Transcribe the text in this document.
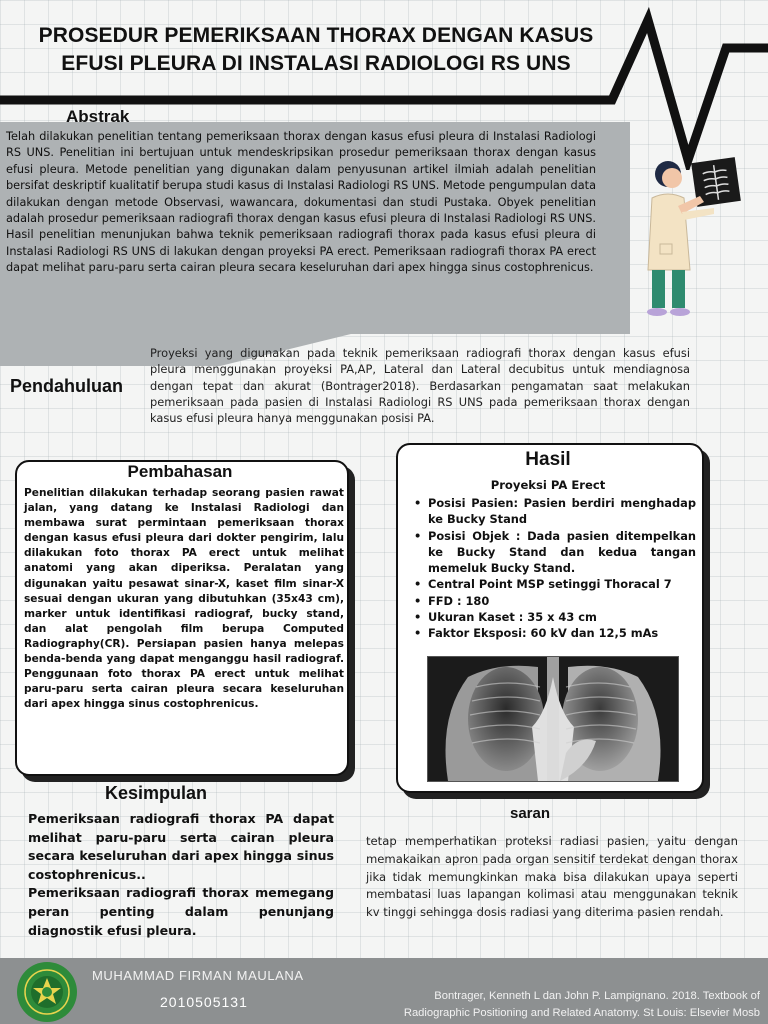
PROSEDUR PEMERIKSAAN THORAX DENGAN KASUS
EFUSI PLEURA DI INSTALASI RADIOLOGI RS UNS
Abstrak
Telah dilakukan penelitian tentang pemeriksaan thorax dengan kasus efusi pleura di Instalasi Radiologi RS UNS. Penelitian ini bertujuan untuk mendeskripsikan prosedur pemeriksaan thorax dengan kasus efusi pleura. Metode penelitian yang digunakan dalam penyusunan artikel ilmiah adalah penelitian bersifat deskriptif kualitatif berupa studi kasus di Instalasi Radiologi RS UNS. Metode pengumpulan data dilakukan dengan metode Observasi, wawancara, dokumentasi dan studi Pustaka. Obyek penelitian adalah prosedur pemeriksaan radiografi thorax dengan kasus efusi pleura di Instalasi Radiologi RS UNS. Hasil penelitian menunjukan bahwa teknik pemeriksaan radiografi thorax pada kasus efusi pleura di Instalasi Radiologi RS UNS di lakukan dengan proyeksi PA erect. Pemeriksaan radiografi thorax PA erect dapat melihat paru-paru serta cairan pleura secara keseluruhan dari apex hingga sinus costophrenicus.
Pendahuluan
Proyeksi yang digunakan pada teknik pemeriksaan radiografi thorax dengan kasus efusi pleura menggunakan proyeksi PA,AP, Lateral dan Lateral decubitus untuk mendiagnosa dengan tepat dan akurat (Bontrager2018). Berdasarkan pengamatan saat melakukan pemeriksaan pada pasien di Instalasi Radiologi RS UNS pada pemeriksaan thorax dengan kasus efusi pleura hanya menggunakan posisi PA.
Pembahasan
Penelitian dilakukan terhadap seorang pasien rawat jalan, yang datang ke Instalasi Radiologi dan membawa surat permintaan pemeriksaan thorax dengan kasus efusi pleura dari dokter pengirim, lalu dilakukan foto thorax PA erect untuk melihat anatomi yang akan diperiksa. Peralatan yang digunakan yaitu pesawat sinar-X, kaset film sinar-X sesuai dengan ukuran yang dibutuhkan (35x43 cm), marker untuk identifikasi radiograf, bucky stand, dan alat pengolah film berupa Computed Radiography(CR). Persiapan pasien hanya melepas benda-benda yang dapat menganggu hasil radiograf. Penggunaan foto thorax PA erect untuk melihat paru-paru serta cairan pleura secara keseluruhan dari apex hingga sinus costophrenicus.
Hasil
Proyeksi PA Erect
• Posisi Pasien: Pasien berdiri menghadap ke Bucky Stand
• Posisi Objek : Dada pasien ditempelkan ke Bucky Stand dan kedua tangan memeluk Bucky Stand.
• Central Point MSP setinggi Thoracal 7
• FFD : 180
• Ukuran Kaset : 35 x 43 cm
• Faktor Eksposi: 60 kV dan 12,5 mAs
Kesimpulan
Pemeriksaan radiografi thorax PA dapat melihat paru-paru serta cairan pleura secara keseluruhan dari apex hingga sinus costophrenicus..
Pemeriksaan radiografi thorax memegang peran penting dalam penunjang diagnostik efusi pleura.
saran
tetap memperhatikan proteksi radiasi pasien, yaitu dengan memakaikan apron pada organ sensitif terdekat dengan thorax jika tidak memungkinkan maka bisa dilakukan upaya seperti membatasi luas lapangan kolimasi atau menggunakan teknik kv tinggi sehingga dosis radiasi yang diterima pasien rendah.
MUHAMMAD FIRMAN MAULANA
2010505131	Bontrager, Kenneth L dan John P. Lampignano. 2018. Textbook of
Radiographic Positioning and Related Anatomy. St Louis: Elsevier Mosb
